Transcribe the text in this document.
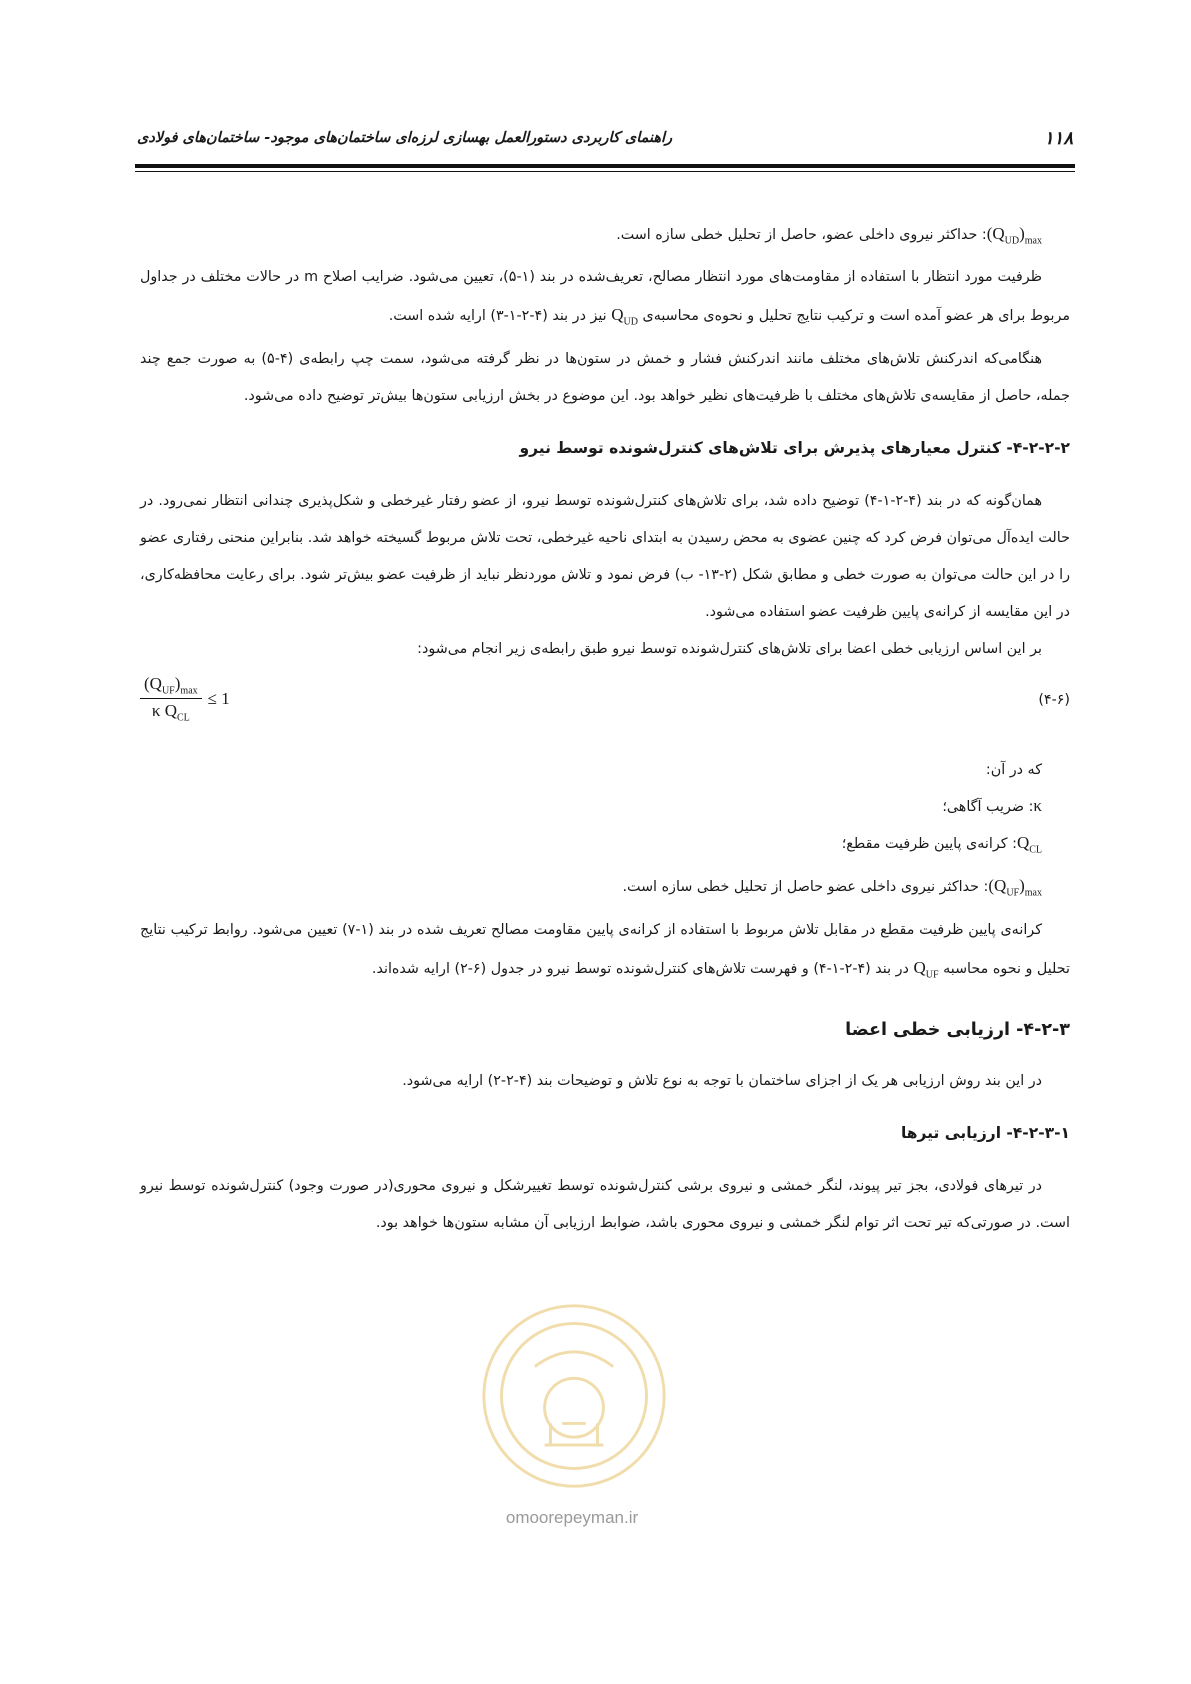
۱۱۸
راهنمای کاربردی دستورالعمل بهسازی لرزه‌ای ساختمان‌های موجود- ساختمان‌های فولادی

$(Q_{UD})_{max}$: حداکثر نیروی داخلی عضو، حاصل از تحلیل خطی سازه است.

ظرفیت مورد انتظار با استفاده از مقاومت‌های مورد انتظار مصالح، تعریف‌شده در بند (۱-۵)، تعیین می‌شود. ضرایب اصلاح m در حالات مختلف در جداول مربوط برای هر عضو آمده است و ترکیب نتایج تحلیل و نحوه‌ی محاسبه‌ی $Q_{UD}$ نیز در بند (۴-۲-۱-۳) ارایه شده است.

هنگامی‌که اندرکنش تلاش‌های مختلف مانند اندرکنش فشار و خمش در ستون‌ها در نظر گرفته می‌شود، سمت چپ رابطه‌ی (۴-۵) به صورت جمع چند جمله، حاصل از مقایسه‌ی تلاش‌های مختلف با ظرفیت‌های نظیر خواهد بود. این موضوع در بخش ارزیابی ستون‌ها بیش‌تر توضیح داده می‌شود.

۴-۲-۲-۲- کنترل معیارهای پذیرش برای تلاش‌های کنترل‌شونده توسط نیرو

همان‌گونه که در بند (۴-۲-۱-۴) توضیح داده شد، برای تلاش‌های کنترل‌شونده توسط نیرو، از عضو رفتار غیرخطی و شکل‌پذیری چندانی انتظار نمی‌رود. در حالت ایده‌آل می‌توان فرض کرد که چنین عضوی به محض رسیدن به ابتدای ناحیه غیرخطی، تحت تلاش مربوط گسیخته خواهد شد. بنابراین منحنی رفتاری عضو را در این حالت می‌توان به صورت خطی و مطابق شکل (۲-۱۳- ب) فرض نمود و تلاش موردنظر نباید از ظرفیت عضو بیش‌تر شود. برای رعایت محافظه‌کاری، در این مقایسه از کرانه‌ی پایین ظرفیت عضو استفاده می‌شود.

بر این اساس ارزیابی خطی اعضا برای تلاش‌های کنترل‌شونده توسط نیرو طبق رابطه‌ی زیر انجام می‌شود:

$\frac{(Q_{UF})_{max}}{\kappa Q_{CL}} \le 1$	(۴-۶)

که در آن:

κ: ضریب آگاهی؛

$Q_{CL}$: کرانه‌ی پایین ظرفیت مقطع؛

$(Q_{UF})_{max}$: حداکثر نیروی داخلی عضو حاصل از تحلیل خطی سازه است.

کرانه‌ی پایین ظرفیت مقطع در مقابل تلاش مربوط با استفاده از کرانه‌ی پایین مقاومت مصالح تعریف شده در بند (۱-۷) تعیین می‌شود. روابط ترکیب نتایج تحلیل و نحوه محاسبه $Q_{UF}$ در بند (۴-۲-۱-۴) و فهرست تلاش‌های کنترل‌شونده توسط نیرو در جدول (۶-۲) ارایه شده‌اند.

۴-۲-۳- ارزیابی خطی اعضا

در این بند روش ارزیابی هر یک از اجزای ساختمان با توجه به نوع تلاش و توضیحات بند (۴-۲-۲) ارایه می‌شود.

۴-۲-۳-۱- ارزیابی تیرها

در تیرهای فولادی، بجز تیر پیوند، لنگر خمشی و نیروی برشی کنترل‌شونده توسط تغییرشکل و نیروی محوری(در صورت وجود) کنترل‌شونده توسط نیرو است. در صورتی‌که تیر تحت اثر توام لنگر خمشی و نیروی محوری باشد، ضوابط ارزیابی آن مشابه ستون‌ها خواهد بود.

omoorepeyman.ir
